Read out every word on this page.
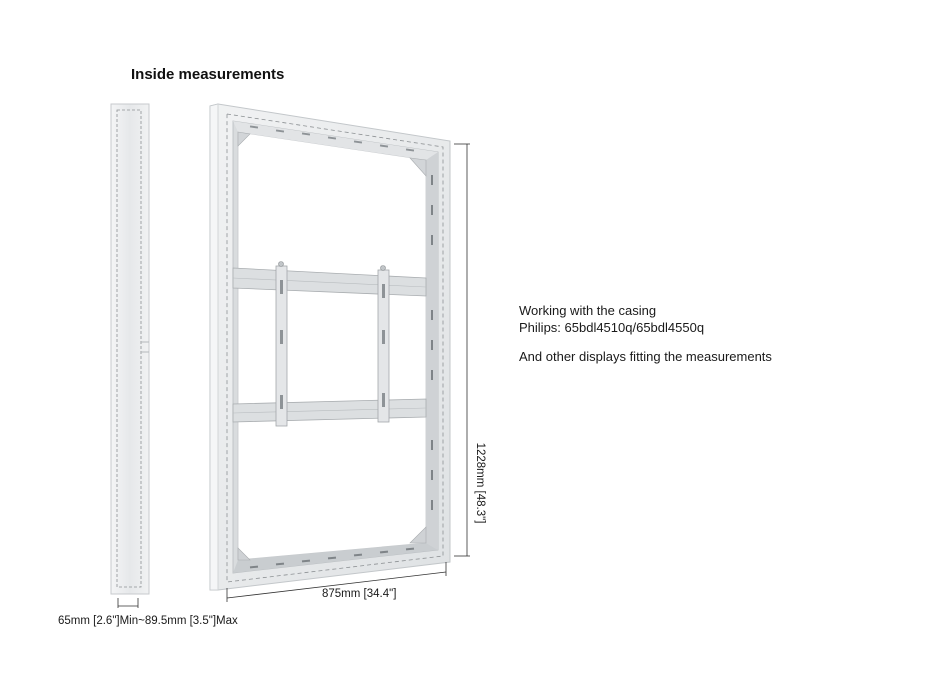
Inside measurements
Working with the casing
Philips: 65bdl4510q/65bdl4550q
And other displays fitting the measurements
65mm [2.6"]Min~89.5mm [3.5"]Max
1228mm [48.3"]
875mm [34.4"]
